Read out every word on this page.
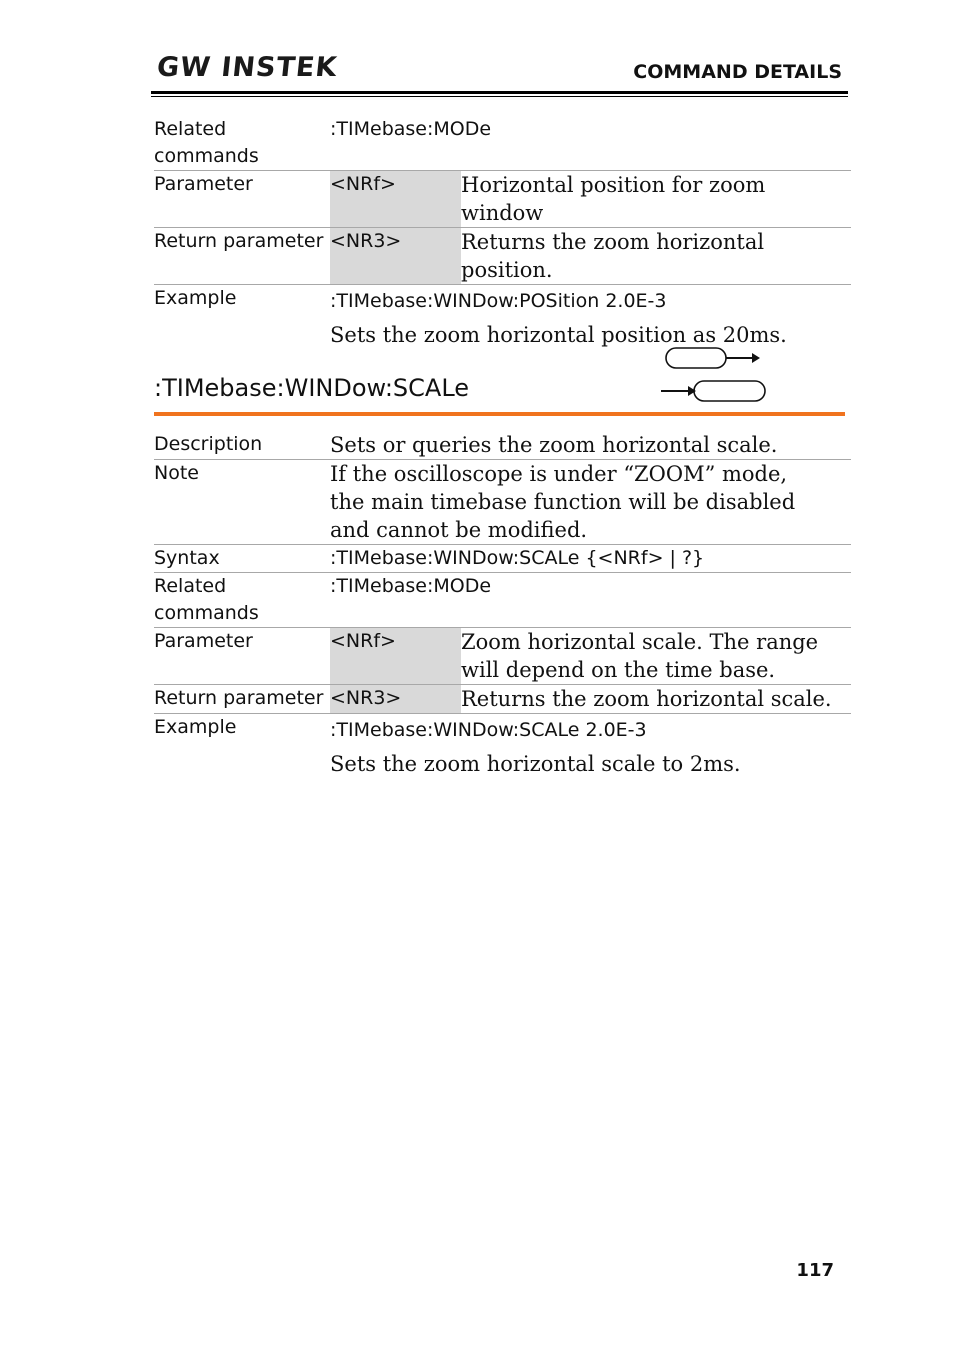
GW INSTEK	COMMAND DETAILS
Related commands	:TIMebase:MODe	
Parameter	<NRf>	Horizontal position for zoom window
Return parameter	<NR3>	Returns the zoom horizontal position.
Example	:TIMebase:WINDow:POSition 2.0E-3
Sets the zoom horizontal position as 20ms.	
:TIMebase:WINDow:SCALe
Description	Sets or queries the zoom horizontal scale.	
Note	If the oscilloscope is under “ZOOM” mode, the main timebase function will be disabled and cannot be modified.	
Syntax	:TIMebase:WINDow:SCALe {<NRf> | ?}	
Related commands	:TIMebase:MODe	
Parameter	<NRf>	Zoom horizontal scale. The range will depend on the time base.
Return parameter	<NR3>	Returns the zoom horizontal scale.
Example	:TIMebase:WINDow:SCALe 2.0E-3
Sets the zoom horizontal scale to 2ms.	
117
